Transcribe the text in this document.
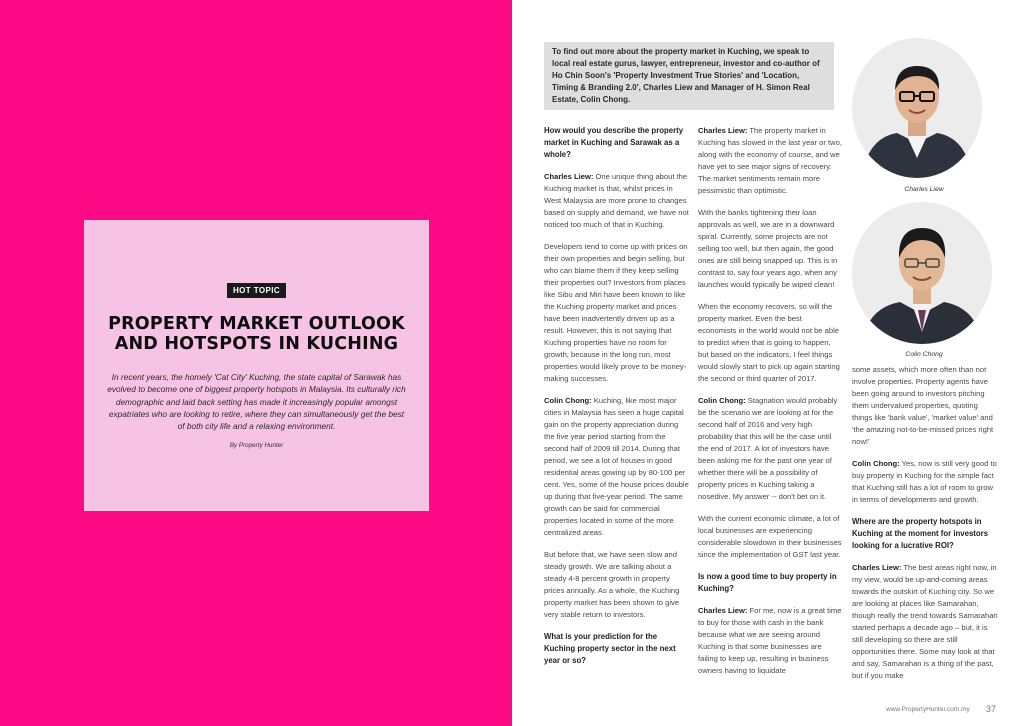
HOT TOPIC
PROPERTY MARKET OUTLOOK AND HOTSPOTS IN KUCHING

In recent years, the homely 'Cat City' Kuching, the state capital of Sarawak has evolved to become one of biggest property hotspots in Malaysia. Its culturally rich demographic and laid back setting has made it increasingly popular amongst expatriates who are looking to retire, where they can simultaneously get the best of both city life and a relaxing environment.

By Property Hunter

To find out more about the property market in Kuching, we speak to local real estate gurus, lawyer, entrepreneur, investor and co-author of Ho Chin Soon's 'Property Investment True Stories' and 'Location, Timing & Branding 2.0', Charles Liew and Manager of H. Simon Real Estate, Colin Chong.

How would you describe the property market in Kuching and Sarawak as a whole?

Charles Liew: One unique thing about the Kuching market is that, whilst prices in West Malaysia are more prone to changes based on supply and demand, we have not noticed too much of that in Kuching.

Developers tend to come up with prices on their own properties and begin selling, but who can blame them if they keep selling their properties out? Investors from places like Sibu and Miri have been known to like the Kuching property market and prices have been inadvertently driven up as a result. However, this is not saying that Kuching properties have no room for growth, because in the long run, most properties would likely prove to be money-making successes.

Colin Chong: Kuching, like most major cities in Malaysia has seen a huge capital gain on the property appreciation during the five year period starting from the second half of 2009 till 2014. During that period, we see a lot of houses in good residential areas gowing up by 80-100 per cent. Yes, some of the house prices double up during that five-year period. The same growth can be said for commercial properties located in some of the more centralized areas.

But before that, we have seen slow and steady growth. We are talking about a steady 4-8 percent growth in property prices annually. As a whole, the Kuching property market has been shown to give very stable return to investors.

What is your prediction for the Kuching property sector in the next year or so?

Charles Liew: The property market in Kuching has slowed in the last year or two, along with the economy of course, and we have yet to see major signs of recovery. The market sentiments remain more pessimistic than optimistic.

With the banks tightening their loan approvals as well, we are in a downward spiral. Currently, some projects are not selling too well, but then again, the good ones are still being snapped up. This is in contrast to, say four years ago, when any launches would typically be wiped clean!

When the economy recovers, so will the property market. Even the best economists in the world would not be able to predict when that is going to happen, but based on the indicators, I feel things would slowly start to pick up again starting the second or third quarter of 2017.

Colin Chong: Stagnation would probably be the scenario we are looking at for the second half of 2016 and very high probability that this will be the case until the end of 2017. A lot of investors have been asking me for the past one year of whether there will be a possibility of property prices in Kuching taking a nosedive. My answer -- don't bet on it.

With the current economic climate, a lot of local businesses are experiencing considerable slowdown in their businesses since the implementation of GST last year.

Is now a good time to buy property in Kuching?

Charles Liew: For me, now is a great time to buy for those with cash in the bank because what we are seeing around Kuching is that some businesses are failing to keep up, resulting in business owners having to liquidate

Charles Liew
Colin Chong

some assets, which more often than not involve properties. Property agents have been going around to investors pitching them undervalued properties, quoting things like 'bank value', 'market value' and 'the amazing not-to-be-missed prices right now!'

Colin Chong: Yes, now is still very good to buy property in Kuching for the simple fact that Kuching still has a lot of room to grow in terms of developments and growth.

Where are the property hotspots in Kuching at the moment for investors looking for a lucrative ROI?

Charles Liew: The best areas right now, in my view, would be up-and-coming areas towards the outskirt of Kuching city. So we are looking at places like Samarahan, though really the trend towards Samarahan started perhaps a decade ago – but, it is still developing so there are still opportunities there. Some may look at that and say, Samarahan is a thing of the past, but if you make

www.PropertyHunter.com.my 37
